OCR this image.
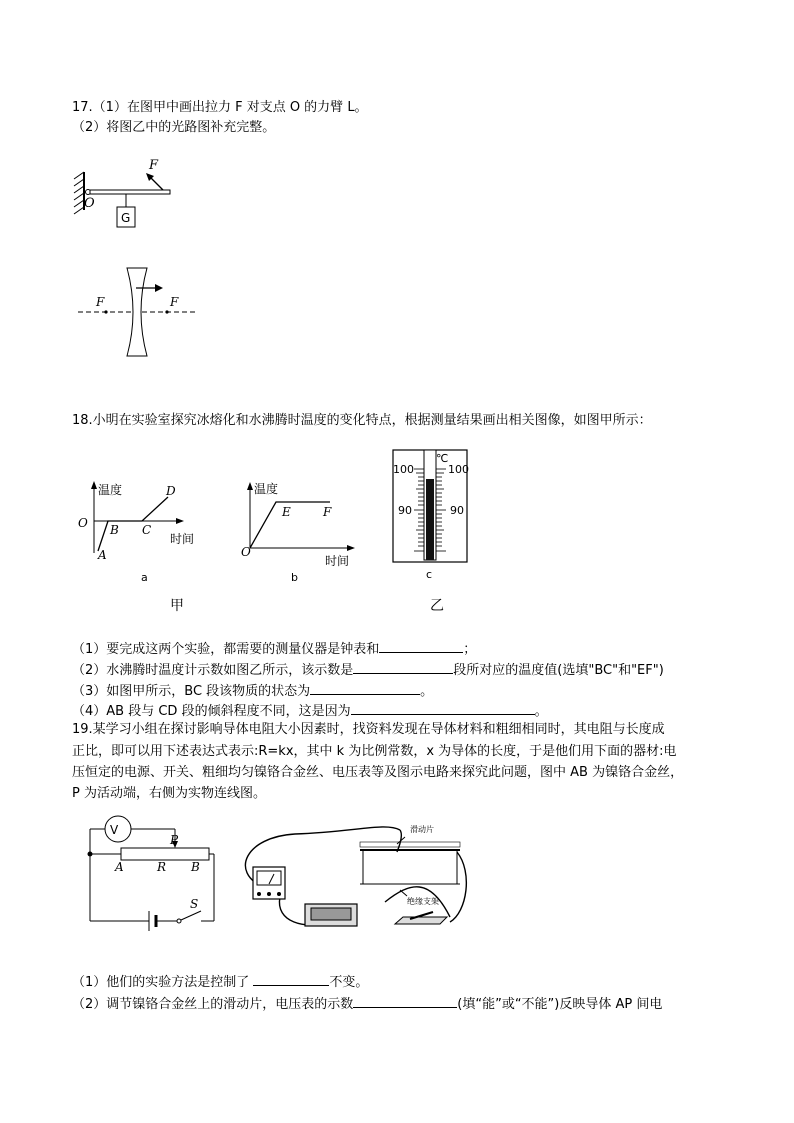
17.（1）在图甲中画出拉力 F 对支点 O 的力臂 L。
（2）将图乙中的光路图补充完整。
F
O
G
F	F
18.小明在实验室探究冰熔化和水沸腾时温度的变化特点，根据测量结果画出相关图像，如图甲所示：
温度
时间
O
A
B C
D
a
温度
时间
O
E	F
b
℃
100	100
90	90
c
甲	乙
（1）要完成这两个实验，都需要的测量仪器是钟表和	；
（2）水沸腾时温度计示数如图乙所示，该示数是	段所对应的温度值(选填"BC"和"EF")
（3）如图甲所示，BC 段该物质的状态为	。
（4）AB 段与 CD 段的倾斜程度不同，这是因为	。
19.某学习小组在探讨影响导体电阻大小因素时，找资料发现在导体材料和粗细相同时，其电阻与长度成
正比，即可以用下述表达式表示:R=kx，其中 k 为比例常数，x 为导体的长度，于是他们用下面的器材:电
压恒定的电源、开关、粗细均匀镍铬合金丝、电压表等及图示电路来探究此问题，图中 AB 为镍铬合金丝，
P 为活动端，右侧为实物连线图。
V
P
A	R B
S
滑动片
绝缘支架
（1）他们的实验方法是控制了	不变。
（2）调节镍铬合金丝上的滑动片，电压表的示数	(填“能”或“不能”)反映导体 AP 间电
